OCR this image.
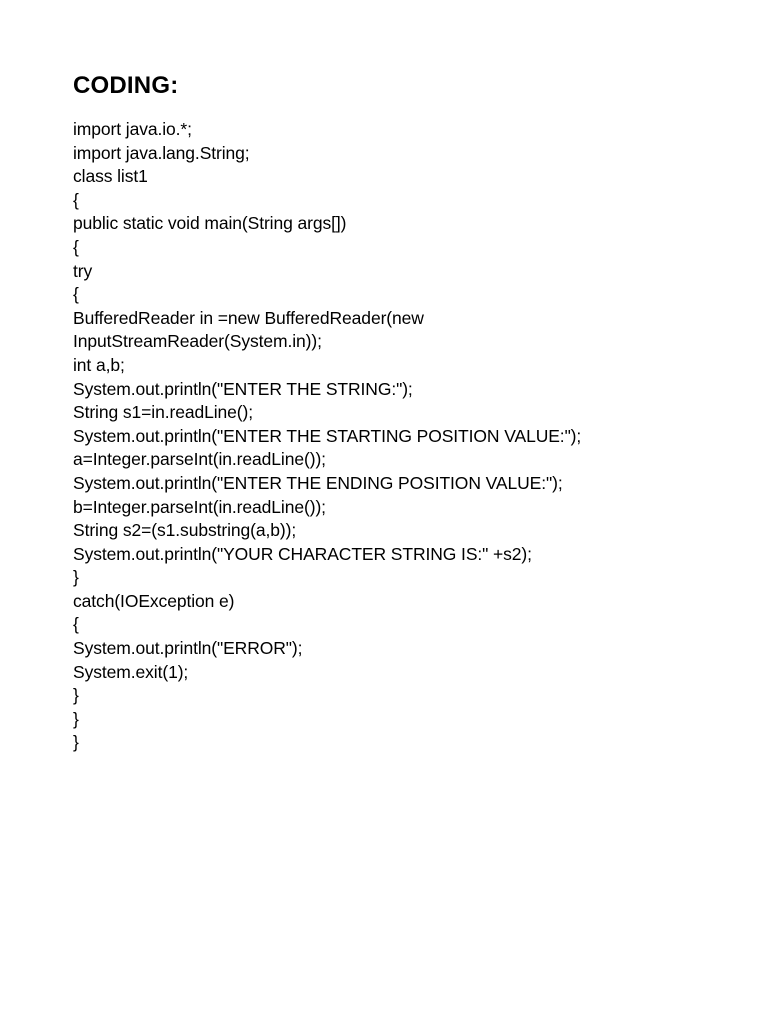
CODING:
import java.io.*;
import java.lang.String;
class list1
{
public static void main(String args[])
{
try
{
BufferedReader in =new BufferedReader(new
InputStreamReader(System.in));
int a,b;
System.out.println("ENTER THE STRING:");
String s1=in.readLine();
System.out.println("ENTER THE STARTING POSITION VALUE:");
a=Integer.parseInt(in.readLine());
System.out.println("ENTER THE ENDING POSITION VALUE:");
b=Integer.parseInt(in.readLine());
String s2=(s1.substring(a,b));
System.out.println("YOUR CHARACTER STRING IS:" +s2);
}
catch(IOException e)
{
System.out.println("ERROR");
System.exit(1);
}
}
}
